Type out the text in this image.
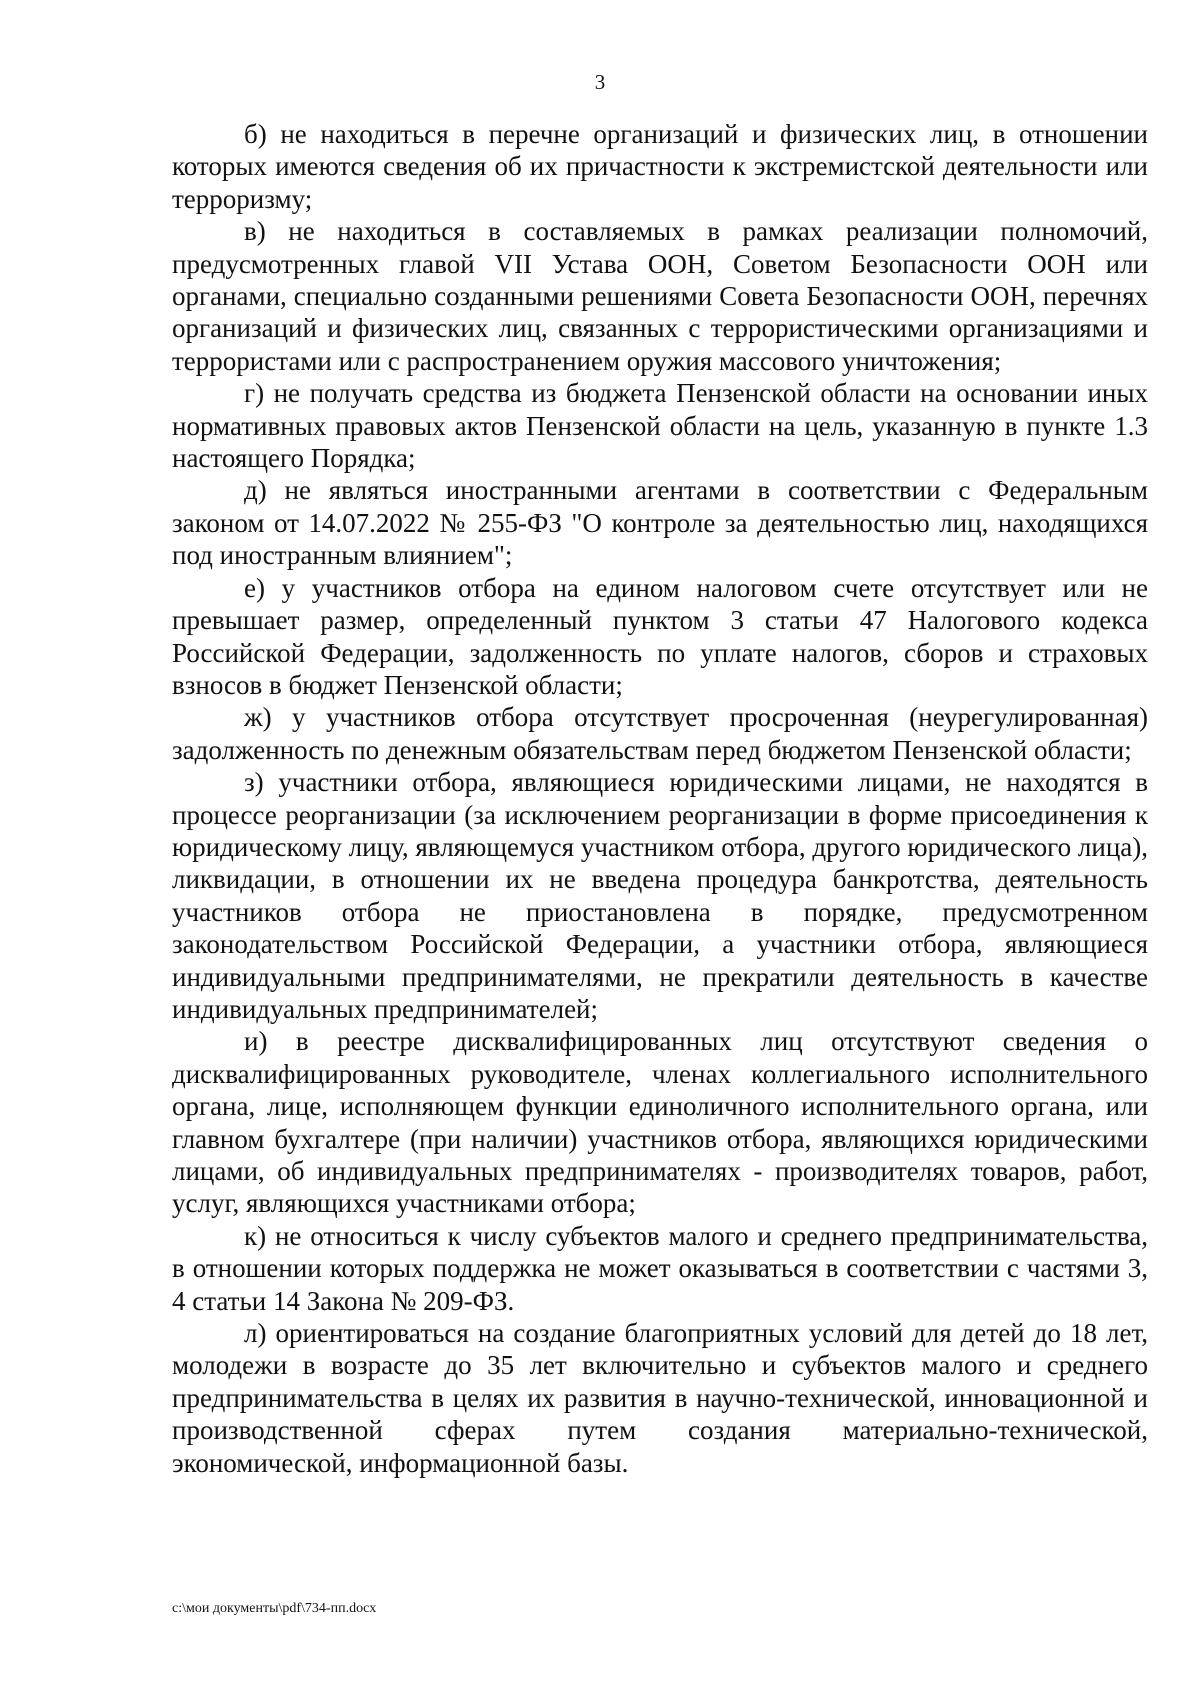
3

б) не находиться в перечне организаций и физических лиц, в отношении которых имеются сведения об их причастности к экстремистской деятельности или терроризму;

в) не находиться в составляемых в рамках реализации полномочий, предусмотренных главой VII Устава ООН, Советом Безопасности ООН или органами, специально созданными решениями Совета Безопасности ООН, перечнях организаций и физических лиц, связанных с террористическими организациями и террористами или с распространением оружия массового уничтожения;

г) не получать средства из бюджета Пензенской области на основании иных нормативных правовых актов Пензенской области на цель, указанную в пункте 1.3 настоящего Порядка;

д) не являться иностранными агентами в соответствии с Федеральным законом от 14.07.2022 № 255-ФЗ "О контроле за деятельностью лиц, находящихся под иностранным влиянием";

е) у участников отбора на едином налоговом счете отсутствует или не превышает размер, определенный пунктом 3 статьи 47 Налогового кодекса Российской Федерации, задолженность по уплате налогов, сборов и страховых взносов в бюджет Пензенской области;

ж) у участников отбора отсутствует просроченная (неурегулированная) задолженность по денежным обязательствам перед бюджетом Пензенской области;

з) участники отбора, являющиеся юридическими лицами, не находятся в процессе реорганизации (за исключением реорганизации в форме присоединения к юридическому лицу, являющемуся участником отбора, другого юридического лица), ликвидации, в отношении их не введена процедура банкротства, деятельность участников отбора не приостановлена в порядке, предусмотренном законодательством Российской Федерации, а участники отбора, являющиеся индивидуальными предпринимателями, не прекратили деятельность в качестве индивидуальных предпринимателей;

и) в реестре дисквалифицированных лиц отсутствуют сведения о дисквалифицированных руководителе, членах коллегиального исполнительного органа, лице, исполняющем функции единоличного исполнительного органа, или главном бухгалтере (при наличии) участников отбора, являющихся юридическими лицами, об индивидуальных предпринимателях - производителях товаров, работ, услуг, являющихся участниками отбора;

к) не относиться к числу субъектов малого и среднего предпринимательства, в отношении которых поддержка не может оказываться в соответствии с частями 3, 4 статьи 14 Закона № 209-ФЗ.

л) ориентироваться на создание благоприятных условий для детей до 18 лет, молодежи в возрасте до 35 лет включительно и субъектов малого и среднего предпринимательства в целях их развития в научно-технической, инновационной и производственной сферах путем создания материально-технической, экономической, информационной базы.

c:\мои документы\pdf\734-пп.docx
